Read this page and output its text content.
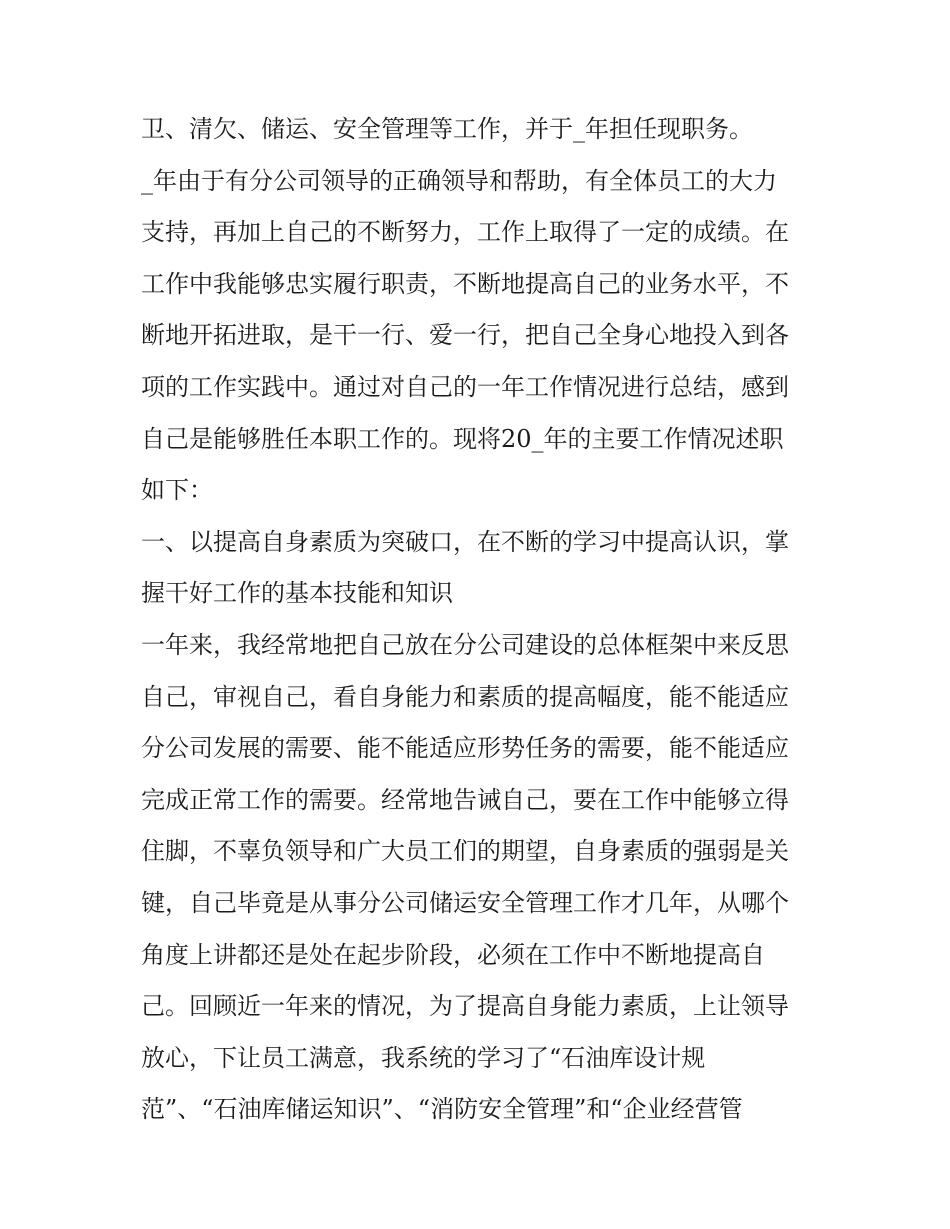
卫、清欠、储运、安全管理等工作，并于_年担任现职务。
_年由于有分公司领导的正确领导和帮助，有全体员工的大力
支持，再加上自己的不断努力，工作上取得了一定的成绩。在
工作中我能够忠实履行职责，不断地提高自己的业务水平，不
断地开拓进取，是干一行、爱一行，把自己全身心地投入到各
项的工作实践中。通过对自己的一年工作情况进行总结，感到
自己是能够胜任本职工作的。现将20_年的主要工作情况述职
如下：
一、以提高自身素质为突破口，在不断的学习中提高认识，掌
握干好工作的基本技能和知识
一年来，我经常地把自己放在分公司建设的总体框架中来反思
自己，审视自己，看自身能力和素质的提高幅度，能不能适应
分公司发展的需要、能不能适应形势任务的需要，能不能适应
完成正常工作的需要。经常地告诫自己，要在工作中能够立得
住脚，不辜负领导和广大员工们的期望，自身素质的强弱是关
键，自己毕竟是从事分公司储运安全管理工作才几年，从哪个
角度上讲都还是处在起步阶段，必须在工作中不断地提高自
己。回顾近一年来的情况，为了提高自身能力素质，上让领导
放心，下让员工满意，我系统的学习了“石油库设计规
范”、“石油库储运知识”、“消防安全管理”和“企业经营管
